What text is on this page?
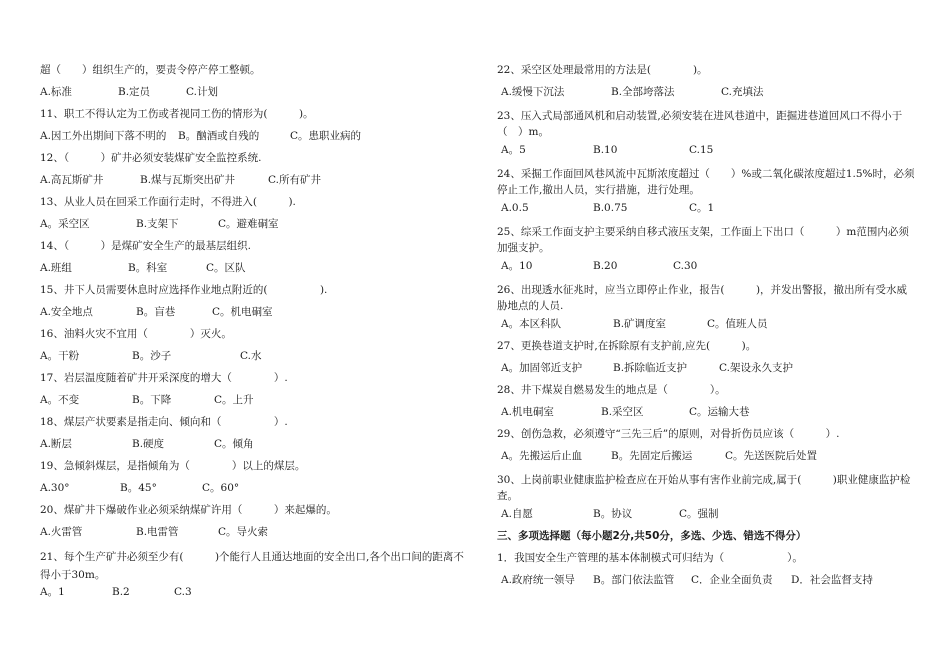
超（　　）组织生产的，要责令停产停工整顿。
A.标准	B.定员	C.计划
11、职工不得认定为工伤或者视同工伤的情形为(　　　)。
A.因工外出期间下落不明的 B。酗酒或自残的	C。患职业病的
12、（　　　）矿井必须安装煤矿安全监控系统.
A.高瓦斯矿井	B.煤与瓦斯突出矿井	C.所有矿井
13、从业人员在回采工作面行走时，不得进入(　　　).
A。采空区	B.支架下	C。避难硐室
14、（　　　）是煤矿安全生产的最基层组织.
A.班组	B。科室	C。区队
15、井下人员需要休息时应选择作业地点附近的(　　　　　).
A.安全地点	B。盲巷	C。机电硐室
16、油料火灾不宜用（　　　　）灭火。
A。干粉	B。沙子	C.水
17、岩层温度随着矿井开采深度的增大（　　　　）.
A。不变	B。下降	C。上升
18、煤层产状要素是指走向、倾向和（　　　　　）.
A.断层	B.硬度	C。倾角
19、急倾斜煤层，是指倾角为（　　　　）以上的煤层。
A.30°	B。45°	C。60°
20、煤矿井下爆破作业必须采纳煤矿许用（　　　）来起爆的。
A.火雷管	B.电雷管	C。导火索
21、每个生产矿井必须至少有(　　　)个能行人且通达地面的安全出口,各个出口间的距离不得小于30m。
A。1	B.2	C.3
22、采空区处理最常用的方法是(　　　　)。
A.缓慢下沉法	B.全部垮落法	C.充填法
23、压入式局部通风机和启动装置,必须安装在进风巷道中，距掘进巷道回风口不得小于（　）m。
A。5	B.10	C.15
24、采掘工作面回风巷风流中瓦斯浓度超过（　　）%或二氧化碳浓度超过1.5%时，必须停止工作,撤出人员，实行措施，进行处理。
A.0.5	B.0.75	C。1
25、综采工作面支护主要采纳自移式液压支架，工作面上下出口（　　　）m范围内必须加强支护。
A。10	B.20	C.30
26、出现透水征兆时，应当立即停止作业，报告(　　　)，并发出警报，撤出所有受水威胁地点的人员.
A。本区科队	B.矿调度室	C。值班人员
27、更换巷道支护时,在拆除原有支护前,应先(　　　)。
A。加固邻近支护	B.拆除临近支护	C.架设永久支护
28、井下煤炭自燃易发生的地点是（　　　　）。
A.机电硐室	B.采空区	C。运输大巷
29、创伤急救，必须遵守“三先三后”的原则，对骨折伤员应该（　　　）.
A。先搬运后止血	B。先固定后搬运	C。先送医院后处置
30、上岗前职业健康监护检查应在开始从事有害作业前完成,属于(　　　)职业健康监护检查。
A.自愿	B。协议	C。强制
三、多项选择题（每小题2分,共50分，多选、少选、错选不得分）
1．我国安全生产管理的基本体制模式可归结为（　　　　　　）。
A.政府统一领导 B。部门依法监管 C．企业全面负责 D．社会监督支持
